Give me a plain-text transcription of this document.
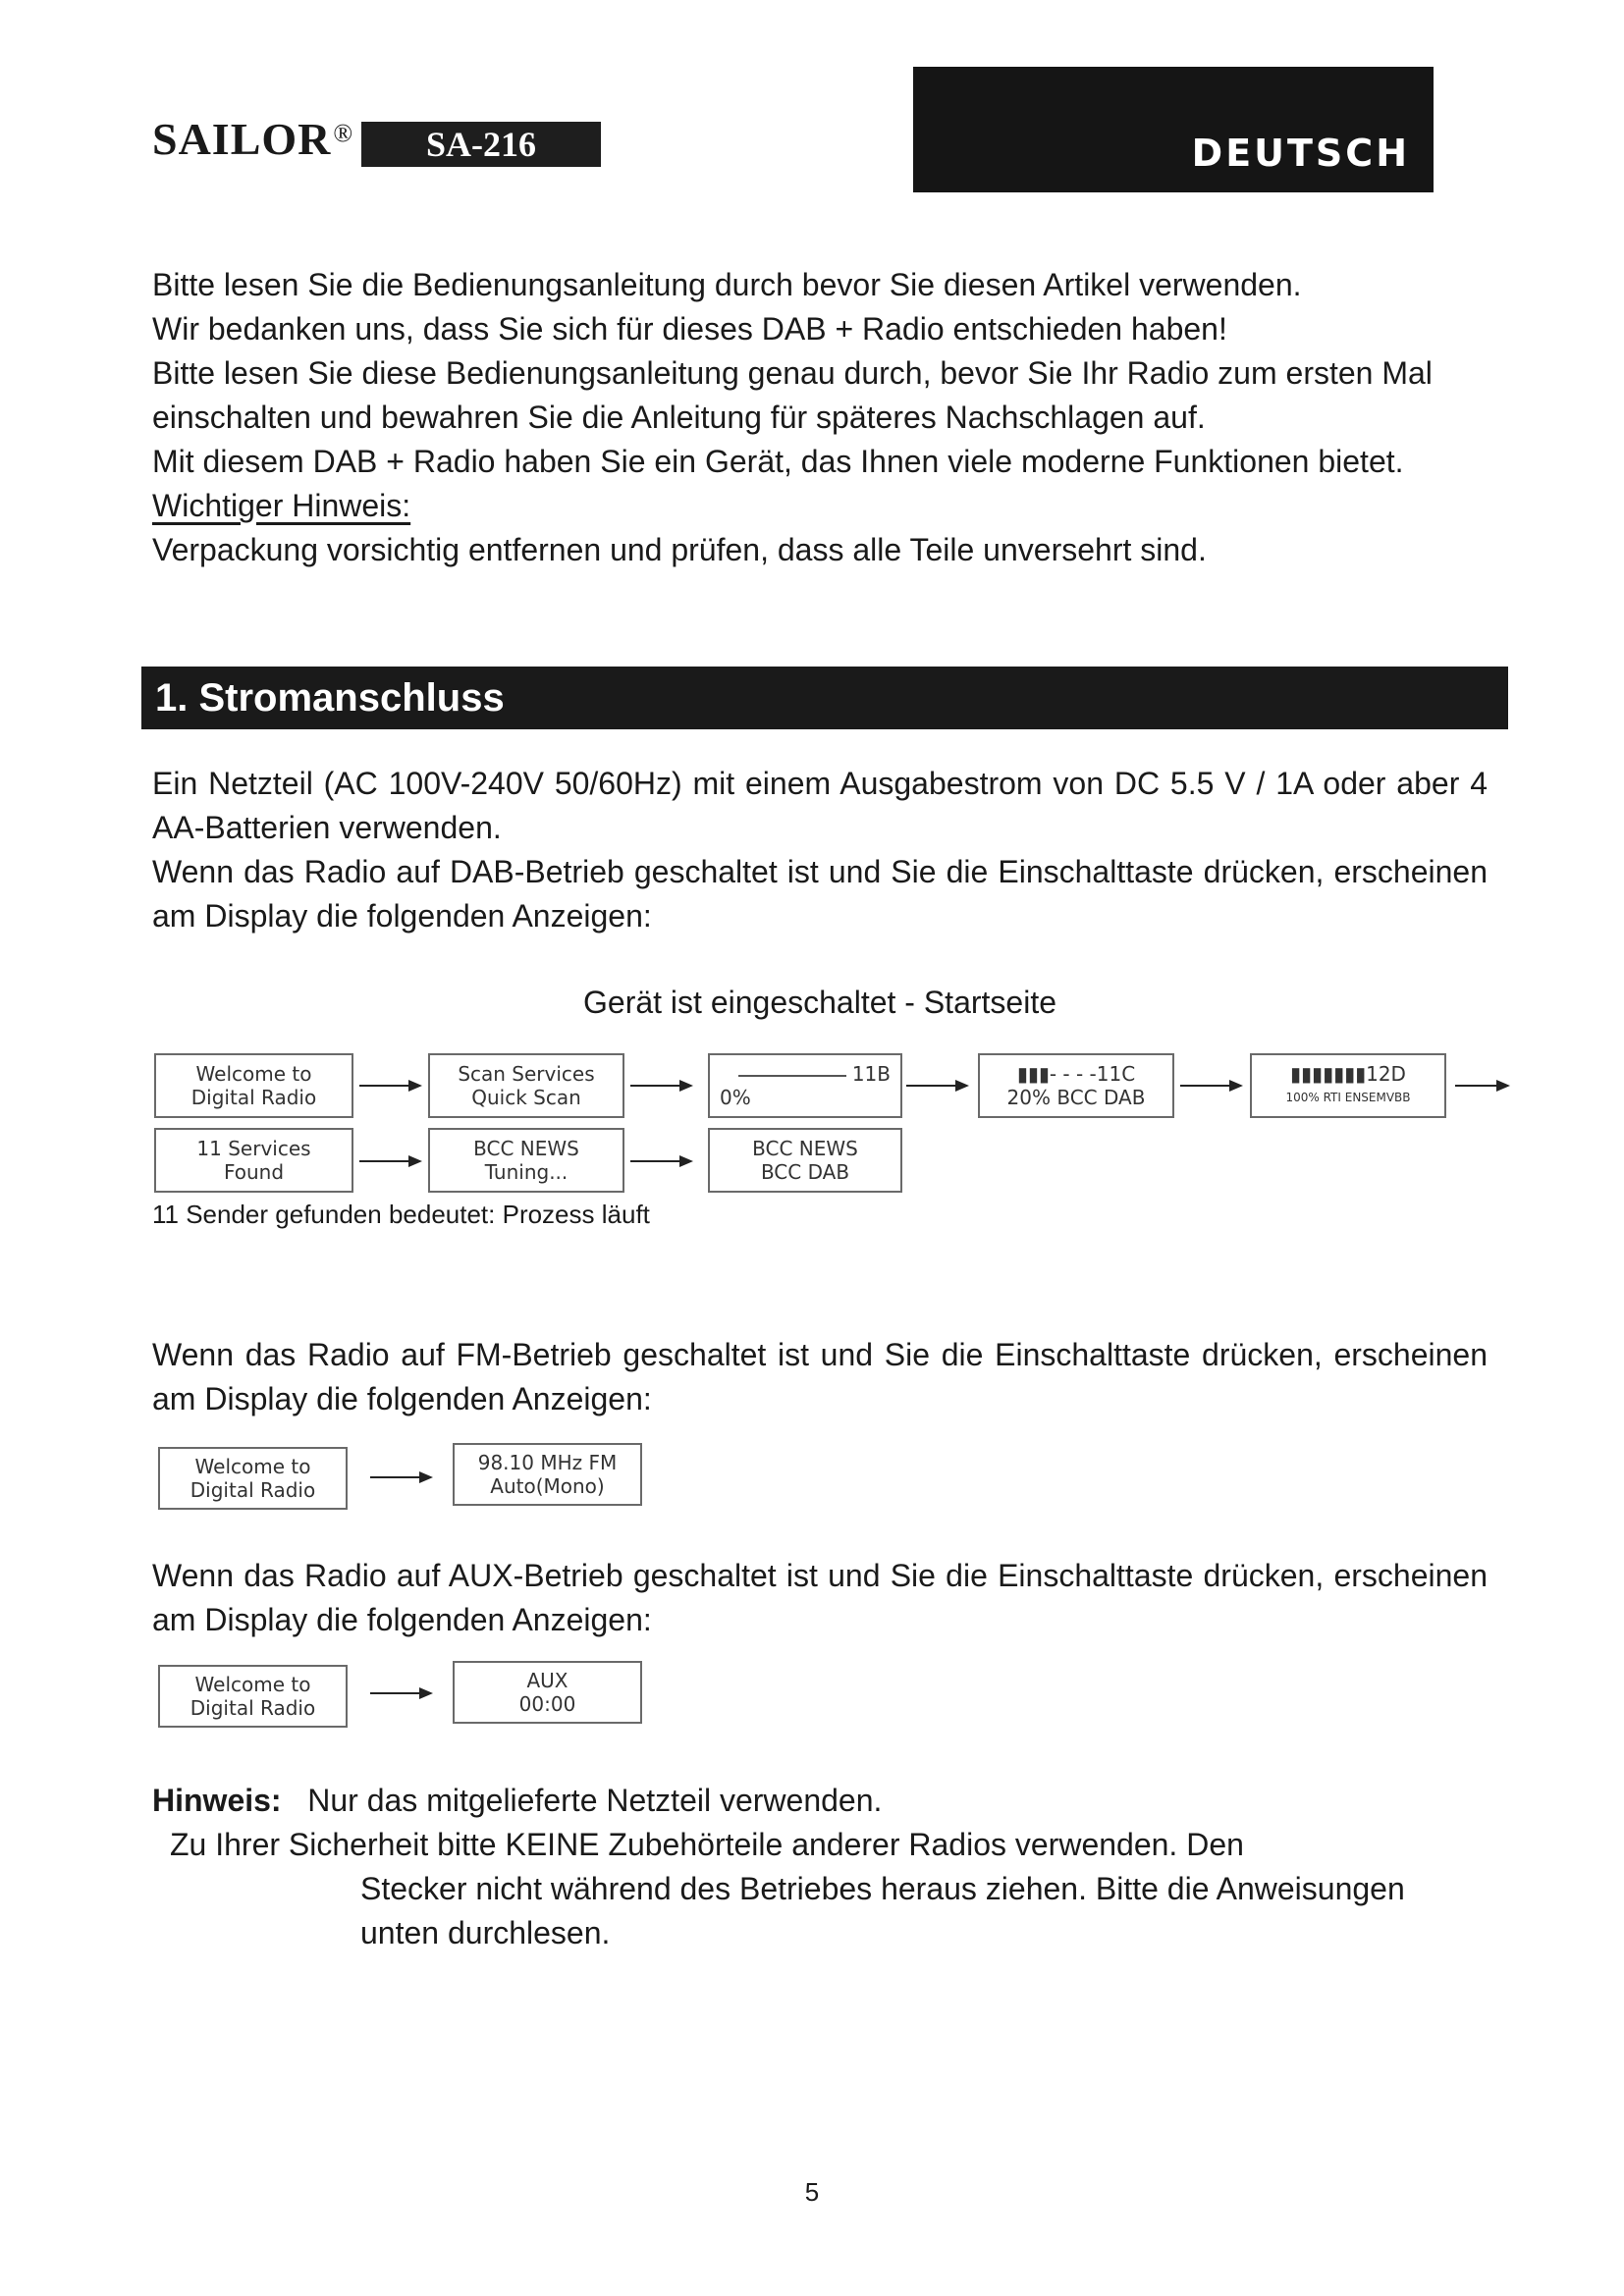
SAILOR®	SA-216	DEUTSCH

Bitte lesen Sie die Bedienungsanleitung durch bevor Sie diesen Artikel verwenden.

Wir bedanken uns, dass Sie sich für dieses DAB + Radio entschieden haben!

Bitte lesen Sie diese Bedienungsanleitung genau durch, bevor Sie Ihr Radio zum ersten Mal einschalten und bewahren Sie die Anleitung für späteres Nachschlagen auf.

Mit diesem DAB + Radio haben Sie ein Gerät, das Ihnen viele moderne Funktionen bietet.

Wichtiger Hinweis:

Verpackung vorsichtig entfernen und prüfen, dass alle Teile unversehrt sind.

1. Stromanschluss

Ein Netzteil (AC 100V-240V 50/60Hz) mit einem Ausgabestrom von DC 5.5 V / 1A oder aber 4 AA-Batterien verwenden.

Wenn das Radio auf DAB-Betrieb geschaltet ist und Sie die Einschalttaste drücken, erscheinen am Display die folgenden Anzeigen:

Gerät ist eingeschaltet - Startseite
Welcome to
Digital Radio
Scan Services
Quick Scan
11B
0%
▮▮▮- - - -11C
20% BCC DAB
▮▮▮▮▮▮▮12D
100% RTI ENSEMVBB
11 Services
Found
BCC NEWS
Tuning...
BCC NEWS
BCC DAB
11 Sender gefunden bedeutet: Prozess läuft
Wenn das Radio auf FM-Betrieb geschaltet ist und Sie die Einschalttaste drücken, erscheinen am Display die folgenden Anzeigen:
Welcome to
Digital Radio
98.10 MHz FM
Auto(Mono)
Wenn das Radio auf AUX-Betrieb geschaltet ist und Sie die Einschalttaste drücken, erscheinen am Display die folgenden Anzeigen:
Welcome to
Digital Radio
AUX
00:00
Hinweis: Nur das mitgelieferte Netzteil verwenden.
Zu Ihrer Sicherheit bitte KEINE Zubehörteile anderer Radios verwenden. Den
Stecker nicht während des Betriebes heraus ziehen. Bitte die Anweisungen
unten durchlesen.
5
